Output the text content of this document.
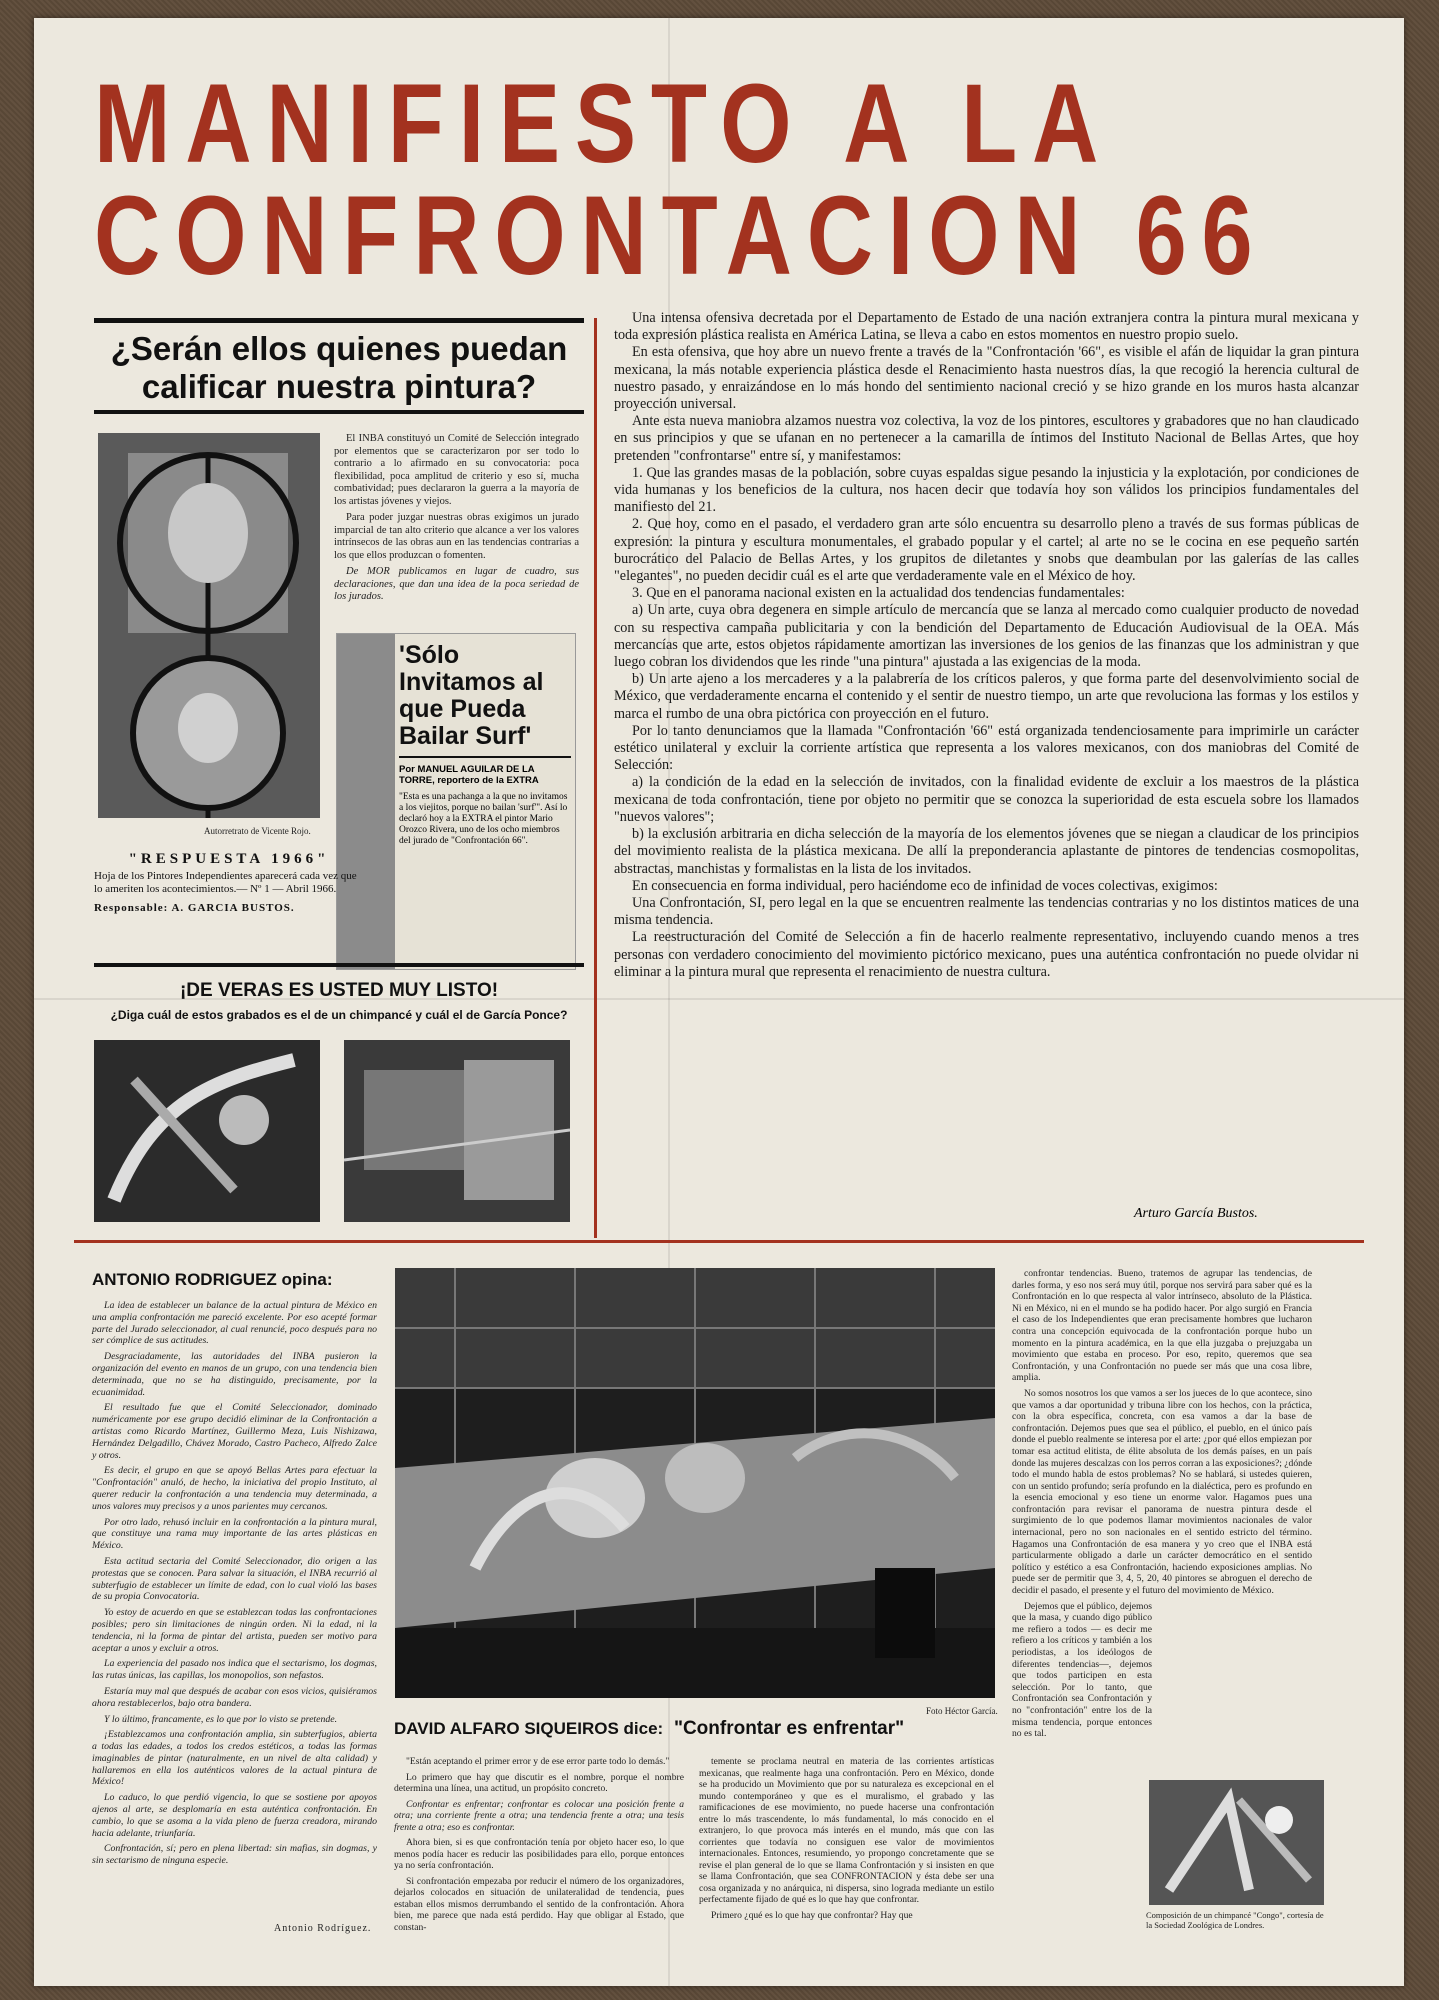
MANIFIESTO A LA
CONFRONTACION 66
¿Serán ellos quienes puedan calificar nuestra pintura?
Autorretrato de Vicente Rojo.

El INBA constituyó un Comité de Selección integrado por elementos que se caracterizaron por ser todo lo contrario a lo afirmado en su convocatoria: poca flexibilidad, poca amplitud de criterio y eso sí, mucha combatividad; pues declararon la guerra a la mayoría de los artistas jóvenes y viejos.

Para poder juzgar nuestras obras exigimos un jurado imparcial de tan alto criterio que alcance a ver los valores intrínsecos de las obras aun en las tendencias contrarias a los que ellos produzcan o fomenten.

De MOR publicamos en lugar de cuadro, sus declaraciones, que dan una idea de la poca seriedad de los jurados.

'Sólo Invitamos al que Pueda Bailar Surf'
Por MANUEL AGUILAR DE LA TORRE, reportero de la EXTRA
"Esta es una pachanga a la que no invitamos a los viejitos, porque no bailan 'surf'". Así lo declaró hoy a la EXTRA el pintor Mario Orozco Rivera, uno de los ocho miembros del jurado de "Confrontación 66".
"RESPUESTA 1966"
Hoja de los Pintores Independientes aparecerá cada vez que lo ameriten los acontecimientos.— Nº 1 — Abril 1966.
Responsable: A. GARCIA BUSTOS.
¡DE VERAS ES USTED MUY LISTO!
¿Diga cuál de estos grabados es el de un chimpancé y cuál el de García Ponce?

Una intensa ofensiva decretada por el Departamento de Estado de una nación extranjera contra la pintura mural mexicana y toda expresión plástica realista en América Latina, se lleva a cabo en estos momentos en nuestro propio suelo.

En esta ofensiva, que hoy abre un nuevo frente a través de la "Confrontación '66", es visible el afán de liquidar la gran pintura mexicana, la más notable experiencia plástica desde el Renacimiento hasta nuestros días, la que recogió la herencia cultural de nuestro pasado, y enraizándose en lo más hondo del sentimiento nacional creció y se hizo grande en los muros hasta alcanzar proyección universal.

Ante esta nueva maniobra alzamos nuestra voz colectiva, la voz de los pintores, escultores y grabadores que no han claudicado en sus principios y que se ufanan en no pertenecer a la camarilla de íntimos del Instituto Nacional de Bellas Artes, que hoy pretenden "confrontarse" entre sí, y manifestamos:

1. Que las grandes masas de la población, sobre cuyas espaldas sigue pesando la injusticia y la explotación, por condiciones de vida humanas y los beneficios de la cultura, nos hacen decir que todavía hoy son válidos los principios fundamentales del manifiesto del 21.

2. Que hoy, como en el pasado, el verdadero gran arte sólo encuentra su desarrollo pleno a través de sus formas públicas de expresión: la pintura y escultura monumentales, el grabado popular y el cartel; al arte no se le cocina en ese pequeño sartén burocrático del Palacio de Bellas Artes, y los grupitos de diletantes y snobs que deambulan por las galerías de las calles "elegantes", no pueden decidir cuál es el arte que verdaderamente vale en el México de hoy.

3. Que en el panorama nacional existen en la actualidad dos tendencias fundamentales:

a) Un arte, cuya obra degenera en simple artículo de mercancía que se lanza al mercado como cualquier producto de novedad con su respectiva campaña publicitaria y con la bendición del Departamento de Educación Audiovisual de la OEA. Más mercancías que arte, estos objetos rápidamente amortizan las inversiones de los genios de las finanzas que los administran y que luego cobran los dividendos que les rinde "una pintura" ajustada a las exigencias de la moda.

b) Un arte ajeno a los mercaderes y a la palabrería de los críticos paleros, y que forma parte del desenvolvimiento social de México, que verdaderamente encarna el contenido y el sentir de nuestro tiempo, un arte que revoluciona las formas y los estilos y marca el rumbo de una obra pictórica con proyección en el futuro.

Por lo tanto denunciamos que la llamada "Confrontación '66" está organizada tendenciosamente para imprimirle un carácter estético unilateral y excluir la corriente artística que representa a los valores mexicanos, con dos maniobras del Comité de Selección:

a) la condición de la edad en la selección de invitados, con la finalidad evidente de excluir a los maestros de la plástica mexicana de toda confrontación, tiene por objeto no permitir que se conozca la superioridad de esta escuela sobre los llamados "nuevos valores";

b) la exclusión arbitraria en dicha selección de la mayoría de los elementos jóvenes que se niegan a claudicar de los principios del movimiento realista de la plástica mexicana. De allí la preponderancia aplastante de pintores de tendencias cosmopolitas, abstractas, manchistas y formalistas en la lista de los invitados.

En consecuencia en forma individual, pero haciéndome eco de infinidad de voces colectivas, exigimos:

Una Confrontación, SI, pero legal en la que se encuentren realmente las tendencias contrarias y no los distintos matices de una misma tendencia.

La reestructuración del Comité de Selección a fin de hacerlo realmente representativo, incluyendo cuando menos a tres personas con verdadero conocimiento del movimiento pictórico mexicano, pues una auténtica confrontación no puede olvidar ni eliminar a la pintura mural que representa el renacimiento de nuestra cultura.

Arturo García Bustos.
ANTONIO RODRIGUEZ opina:

La idea de establecer un balance de la actual pintura de México en una amplia confrontación me pareció excelente. Por eso acepté formar parte del Jurado seleccionador, al cual renuncié, poco después para no ser cómplice de sus actitudes.

Desgraciadamente, las autoridades del INBA pusieron la organización del evento en manos de un grupo, con una tendencia bien determinada, que no se ha distinguido, precisamente, por la ecuanimidad.

El resultado fue que el Comité Seleccionador, dominado numéricamente por ese grupo decidió eliminar de la Confrontación a artistas como Ricardo Martínez, Guillermo Meza, Luis Nishizawa, Hernández Delgadillo, Chávez Morado, Castro Pacheco, Alfredo Zalce y otros.

Es decir, el grupo en que se apoyó Bellas Artes para efectuar la "Confrontación" anuló, de hecho, la iniciativa del propio Instituto, al querer reducir la confrontación a una tendencia muy determinada, a unos valores muy precisos y a unos parientes muy cercanos.

Por otro lado, rehusó incluir en la confrontación a la pintura mural, que constituye una rama muy importante de las artes plásticas en México.

Esta actitud sectaria del Comité Seleccionador, dio origen a las protestas que se conocen. Para salvar la situación, el INBA recurrió al subterfugio de establecer un límite de edad, con lo cual violó las bases de su propia Convocatoria.

Yo estoy de acuerdo en que se establezcan todas las confrontaciones posibles; pero sin limitaciones de ningún orden. Ni la edad, ni la tendencia, ni la forma de pintar del artista, pueden ser motivo para aceptar a unos y excluir a otros.

La experiencia del pasado nos indica que el sectarismo, los dogmas, las rutas únicas, las capillas, los monopolios, son nefastos.

Estaría muy mal que después de acabar con esos vicios, quisiéramos ahora restablecerlos, bajo otra bandera.

Y lo último, francamente, es lo que por lo visto se pretende.

¡Establezcamos una confrontación amplia, sin subterfugios, abierta a todas las edades, a todos los credos estéticos, a todas las formas imaginables de pintar (naturalmente, en un nivel de alta calidad) y hallaremos en ella los auténticos valores de la actual pintura de México!

Lo caduco, lo que perdió vigencia, lo que se sostiene por apoyos ajenos al arte, se desplomaría en esta auténtica confrontación. En cambio, lo que se asoma a la vida pleno de fuerza creadora, mirando hacia adelante, triunfaría.

Confrontación, sí; pero en plena libertad: sin mafias, sin dogmas, y sin sectarismo de ninguna especie.

Antonio Rodríguez.
Foto Héctor García.
DAVID ALFARO SIQUEIROS dice: "Confrontar es enfrentar"

"Están aceptando el primer error y de ese error parte todo lo demás."

Lo primero que hay que discutir es el nombre, porque el nombre determina una línea, una actitud, un propósito concreto.

Confrontar es enfrentar; confrontar es colocar una posición frente a otra; una corriente frente a otra; una tendencia frente a otra; una tesis frente a otra; eso es confrontar.

Ahora bien, si es que confrontación tenía por objeto hacer eso, lo que menos podía hacer es reducir las posibilidades para ello, porque entonces ya no sería confrontación.

Si confrontación empezaba por reducir el número de los organizadores, dejarlos colocados en situación de unilateralidad de tendencia, pues estaban ellos mismos derrumbando el sentido de la confrontación. Ahora bien, me parece que nada está perdido. Hay que obligar al Estado, que constan-

temente se proclama neutral en materia de las corrientes artísticas mexicanas, que realmente haga una confrontación. Pero en México, donde se ha producido un Movimiento que por su naturaleza es excepcional en el mundo contemporáneo y que es el muralismo, el grabado y las ramificaciones de ese movimiento, no puede hacerse una confrontación entre lo más trascendente, lo más fundamental, lo más conocido en el extranjero, lo que provoca más interés en el mundo, más que con las corrientes que todavía no consiguen ese valor de movimientos internacionales. Entonces, resumiendo, yo propongo concretamente que se revise el plan general de lo que se llama Confrontación y si insisten en que se llama Confrontación, que sea CONFRONTACION y ésta debe ser una cosa organizada y no anárquica, ni dispersa, sino lograda mediante un estilo perfectamente fijado de qué es lo que hay que confrontar.

Primero ¿qué es lo que hay que confrontar? Hay que

confrontar tendencias. Bueno, tratemos de agrupar las tendencias, de darles forma, y eso nos será muy útil, porque nos servirá para saber qué es la Confrontación en lo que respecta al valor intrínseco, absoluto de la Plástica. Ni en México, ni en el mundo se ha podido hacer. Por algo surgió en Francia el caso de los Independientes que eran precisamente hombres que lucharon contra una concepción equivocada de la confrontación porque hubo un momento en la pintura académica, en la que ella juzgaba o prejuzgaba un movimiento que estaba en proceso. Por eso, repito, queremos que sea Confrontación, y una Confrontación no puede ser más que una cosa libre, amplia.

No somos nosotros los que vamos a ser los jueces de lo que acontece, sino que vamos a dar oportunidad y tribuna libre con los hechos, con la práctica, con la obra específica, concreta, con esa vamos a dar la base de confrontación. Dejemos pues que sea el público, el pueblo, en el único país donde el pueblo realmente se interesa por el arte: ¿por qué ellos empiezan por tomar esa actitud elitista, de élite absoluta de los demás países, en un país donde las mujeres descalzas con los perros corran a las exposiciones?; ¿dónde todo el mundo habla de estos problemas? No se hablará, si ustedes quieren, con un sentido profundo; sería profundo en la dialéctica, pero es profundo en la esencia emocional y eso tiene un enorme valor. Hagamos pues una confrontación para revisar el panorama de nuestra pintura desde el surgimiento de lo que podemos llamar movimientos nacionales de valor internacional, pero no son nacionales en el sentido estricto del término. Hagamos una Confrontación de esa manera y yo creo que el INBA está particularmente obligado a darle un carácter democrático en el sentido político y estético a esa Confrontación, haciendo exposiciones amplias. No puede ser de permitir que 3, 4, 5, 20, 40 pintores se abroguen el derecho de decidir el pasado, el presente y el futuro del movimiento de México.

Dejemos que el público, dejemos que la masa, y cuando digo público me refiero a todos — es decir me refiero a los críticos y también a los periodistas, a los ideólogos de diferentes tendencias—, dejemos que todos participen en esta selección. Por lo tanto, que Confrontación sea Confrontación y no "confrontación" entre los de la misma tendencia, porque entonces no es tal.

Composición de un chimpancé "Congo", cortesía de la Sociedad Zoológica de Londres.
